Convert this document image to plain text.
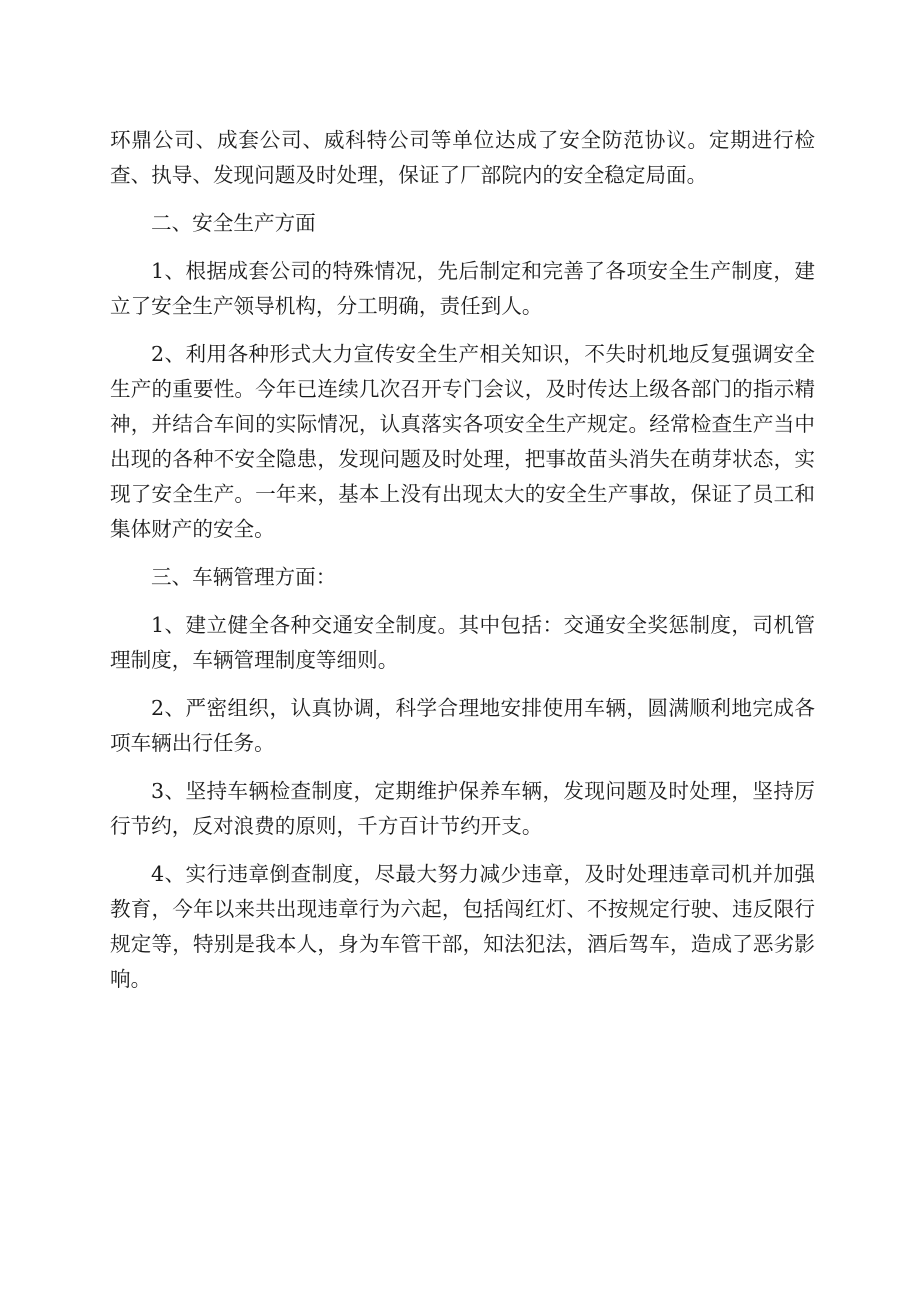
环鼎公司、成套公司、威科特公司等单位达成了安全防范协议。定期进行检查、执导、发现问题及时处理，保证了厂部院内的安全稳定局面。

二、安全生产方面

1、根据成套公司的特殊情况，先后制定和完善了各项安全生产制度，建立了安全生产领导机构，分工明确，责任到人。

2、利用各种形式大力宣传安全生产相关知识，不失时机地反复强调安全生产的重要性。今年已连续几次召开专门会议，及时传达上级各部门的指示精神，并结合车间的实际情况，认真落实各项安全生产规定。经常检查生产当中出现的各种不安全隐患，发现问题及时处理，把事故苗头消失在萌芽状态，实现了安全生产。一年来，基本上没有出现太大的安全生产事故，保证了员工和集体财产的安全。

三、车辆管理方面：

1、建立健全各种交通安全制度。其中包括：交通安全奖惩制度，司机管理制度，车辆管理制度等细则。

2、严密组织，认真协调，科学合理地安排使用车辆，圆满顺利地完成各项车辆出行任务。

3、坚持车辆检查制度，定期维护保养车辆，发现问题及时处理，坚持厉行节约，反对浪费的原则，千方百计节约开支。

4、实行违章倒查制度，尽最大努力减少违章，及时处理违章司机并加强教育，今年以来共出现违章行为六起，包括闯红灯、不按规定行驶、违反限行规定等，特别是我本人，身为车管干部，知法犯法，酒后驾车，造成了恶劣影响。
